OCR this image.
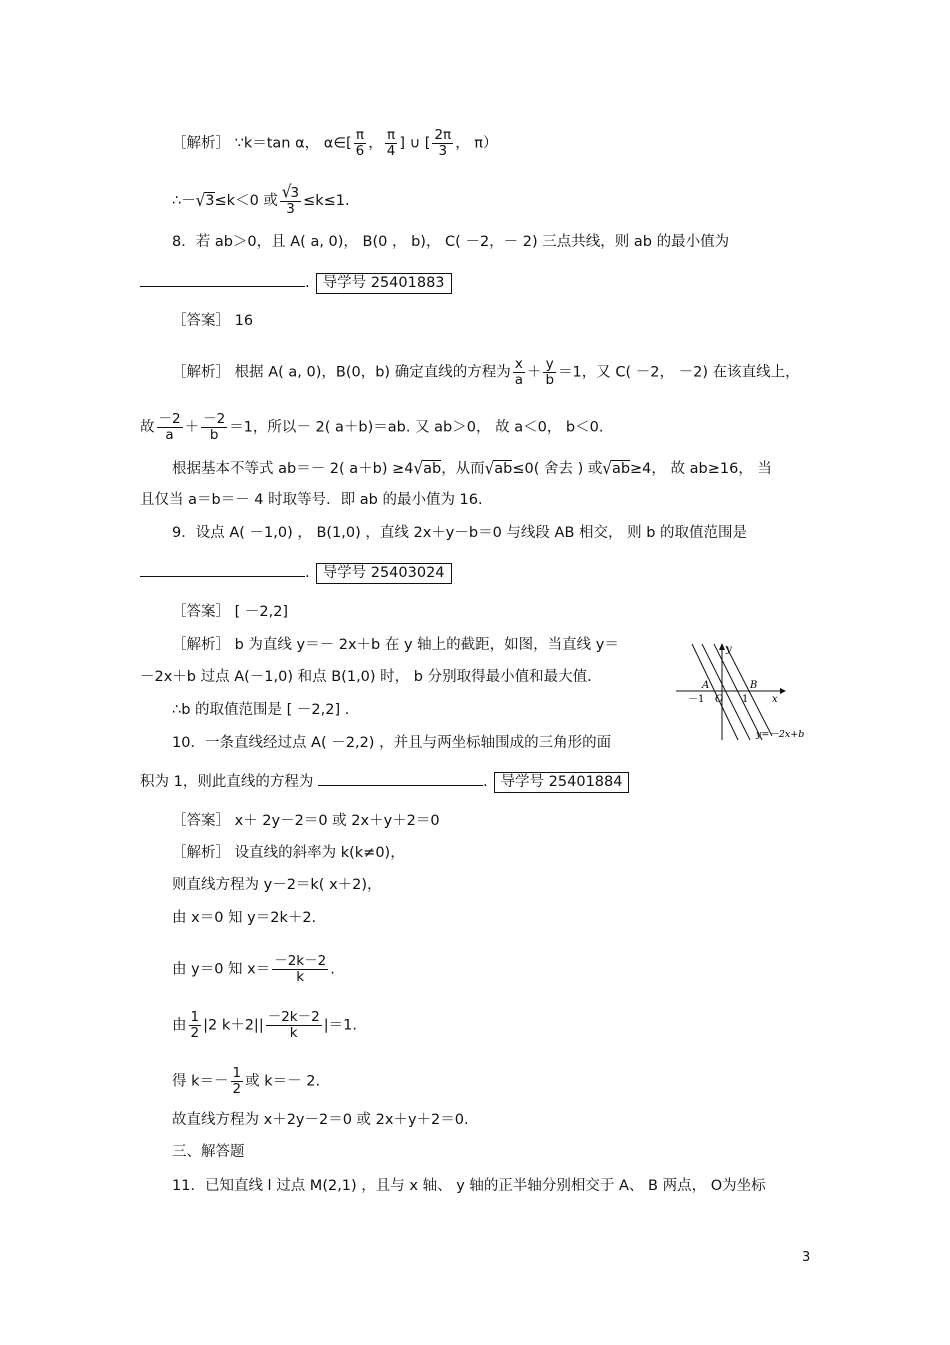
［解析］ ∵k＝tan α， α∈[ $\frac{\pi}{6}$ ， $\frac{\pi}{4}$ ] ∪ [ $\frac{2\pi}{3}$ ， π）
∴－√3≤k＜0 或 $\frac{√3}{3} \le k\le 1$.
8．若 ab＞0，且 A( a, 0)， B(0 ， b)， C( －2，－ 2) 三点共线，则 ab 的最小值为
. 导学号 25401883
［答案］ 16
［解析］ 根据 A( a, 0)，B(0，b) 确定直线的方程为 $\frac{x}{a} + \frac{y}{b} =1$，又 C( －2， －2) 在该直线上，
故 $\frac{-2}{a} + \frac{-2}{b} =1$，所以－ 2( a＋b)＝ab. 又 ab＞0， 故 a＜0， b＜0.
根据基本不等式 ab＝－ 2( a＋b) ≥4√ab，从而√ab≤0( 舍去 ) 或√ab≥4， 故 ab≥16， 当
且仅当 a＝b＝－ 4 时取等号．即 ab 的最小值为 16.
9．设点 A( －1,0) ， B(1,0) ，直线 2x＋y－b＝0 与线段 AB 相交， 则 b 的取值范围是
. 导学号 25403024
［答案］ [ －2,2]
［解析］ b 为直线 y＝－ 2x＋b 在 y 轴上的截距，如图，当直线 y＝
－2x＋b 过点 A(－1,0) 和点 B(1,0) 时， b 分别取得最小值和最大值.
∴b 的取值范围是 [ －2,2] .
y
x
A	B
O
－1	1
y=－2x+b
10．一条直线经过点 A( －2,2) ，并且与两坐标轴围成的三角形的面
积为 1，则此直线的方程为	. 导学号 25401884
［答案］ x＋ 2y－2＝0 或 2x＋y＋2＝0
［解析］ 设直线的斜率为 k(k≠0)，
则直线方程为 y－2＝k( x＋2)，
由 x＝0 知 y＝2k＋2.
由 y＝0 知 $x= \frac{-2k-2}{k}$ .
由 $\frac{1}{2} |2$ $k+2|| \frac{-2k-2}{k} |=1$.
得 $k=- \frac{1}{2}$ 或 k＝－ 2.
故直线方程为 x＋2y－2＝0 或 2x＋y＋2＝0.
三、解答题
11．已知直线 l 过点 M(2,1) ，且与 x 轴、 y 轴的正半轴分别相交于 A、 B 两点， O为坐标
3
